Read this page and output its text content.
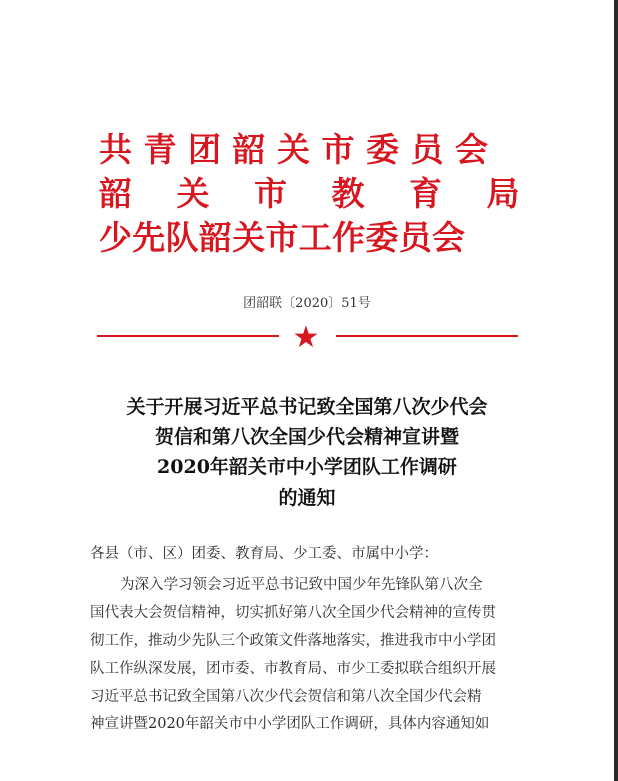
共青团韶关市委员会
韶关市教育局
少先队韶关市工作委员会
团韶联〔2020〕51号
★
关于开展习近平总书记致全国第八次少代会
贺信和第八次全国少代会精神宣讲暨
2020年韶关市中小学团队工作调研
的通知
各县（市、区）团委、教育局、少工委、市属中小学：
为深入学习领会习近平总书记致中国少年先锋队第八次全
国代表大会贺信精神，切实抓好第八次全国少代会精神的宣传贯
彻工作，推动少先队三个政策文件落地落实，推进我市中小学团
队工作纵深发展，团市委、市教育局、市少工委拟联合组织开展
习近平总书记致全国第八次少代会贺信和第八次全国少代会精
神宣讲暨2020年韶关市中小学团队工作调研，具体内容通知如
